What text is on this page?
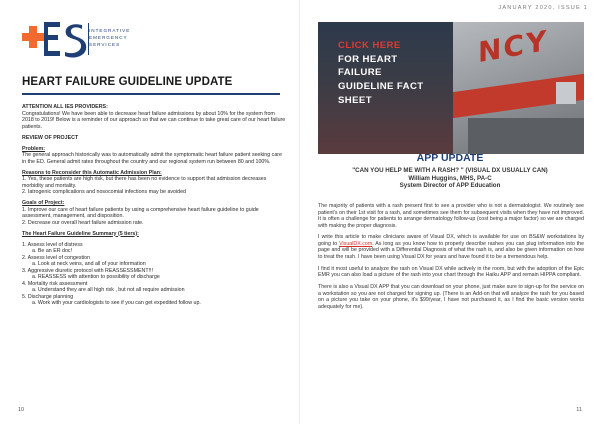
INTEGRATIVE
EMERGENCY
SERVICES
HEART FAILURE GUIDELINE UPDATE

ATTENTION ALL IES PROVIDERS:

Congratulations! We have been able to decrease heart failure admissions by about 10% for the system from 2018 to 2019! Below is a reminder of our approach so that we can continue to take great care of our heart failure patients.

REVIEW OF PROJECT

Problem:

The general approach historically was to automatically admit the symptomatic heart failure patient seeking care in the ED. General admit rates throughout the country and our regional system run between 80 and 100%.

Reasons to Reconsider this Automatic Admission Plan:

1. Yes, these patients are high risk, but there has been no evidence to support that admission decreases morbidity and mortality.

2. Iatrogenic complications and nosocomial infections may be avoided

Goals of Project:

1. Improve our care of heart failure patients by using a comprehensive heart failure guideline to guide assessment, management, and disposition.

2. Decrease our overall heart failure admission rate.

The Heart Failure Guideline Summary (5 tiers):

1. Assess level of distress

a. Be an ER doc!

2. Assess level of congestion

a. Look at neck veins, and all of your information

3. Aggressive diuretic protocol with REASSESSMENT!!!

a. REASSESS with attention to possibility of discharge

4. Mortality risk assessment

a. Understand they are all high risk , but not all require admission

5. Discharge planning

a. Work with your cardiologists to see if you can get expedited follow up.

10
JANUARY 2020, ISSUE 1
NCY
CLICK HERE
FOR HEART
FAILURE
GUIDELINE FACT
SHEET
APP UPDATE
"CAN YOU HELP ME WITH A RASH? " (VISUAL DX USUALLY CAN)
William Huggins, MHS, PA-C
System Director of APP Education

The majority of patients with a rash present first to see a provider who is not a dermatologist. We routinely see patient's on their 1st visit for a rash, and sometimes see them for subsequent visits when they have not improved. It is often a challenge for patients to arrange dermatology follow-up (cost being a major factor) so we are charged with making the proper diagnosis.

I write this article to make clinicians aware of Visual DX, which is available for use on BS&W workstations by going to VisualDX.com. As long as you know how to properly describe rashes you can plug information into the page and will be provided with a Differential Diagnosis of what the rash is, and also be given information on how to treat the rash. I have been using Visual DX for years and have found it to be a tremendous help.

I find it most useful to analyze the rash on Visual DX while actively in the room, but with the adoption of the Epic EMR you can also load a picture of the rash into your chart through the Haiku APP and remain HIPPA compliant.

There is also a Visual DX APP that you can download on your phone, just make sure to sign-up for the service on a workstation so you are not charged for signing up. (There is an Add-on that will analyze the rash for you based on a picture you take on your phone, it's $99/year, I have not purchased it, as I find the basic version works adequately for me).

11
